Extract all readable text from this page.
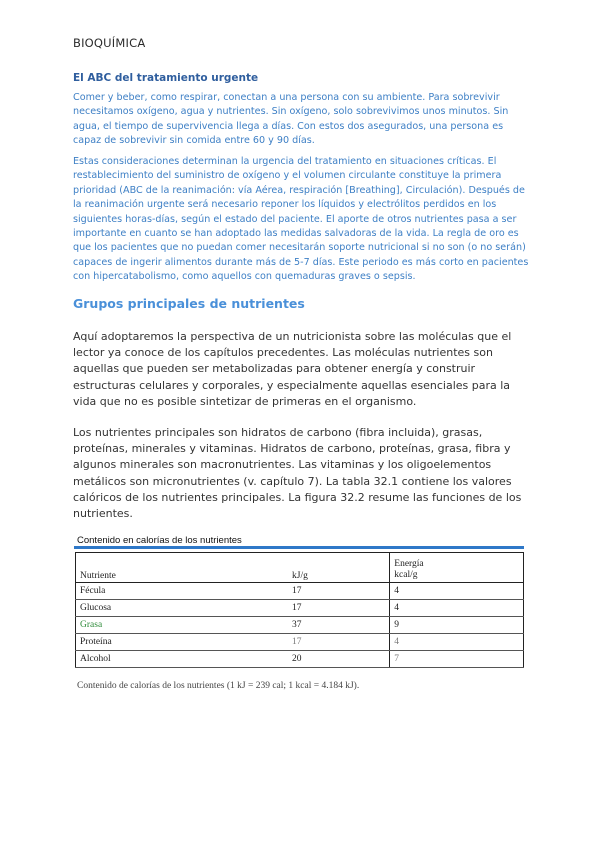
BIOQUÍMICA
El ABC del tratamiento urgente

Comer y beber, como respirar, conectan a una persona con su ambiente. Para sobrevivir necesitamos oxígeno, agua y nutrientes. Sin oxígeno, solo sobrevivimos unos minutos. Sin agua, el tiempo de supervivencia llega a días. Con estos dos asegurados, una persona es capaz de sobrevivir sin comida entre 60 y 90 días.

Estas consideraciones determinan la urgencia del tratamiento en situaciones críticas. El restablecimiento del suministro de oxígeno y el volumen circulante constituye la primera prioridad (ABC de la reanimación: vía Aérea, respiración [Breathing], Circulación). Después de la reanimación urgente será necesario reponer los líquidos y electrólitos perdidos en los siguientes horas-días, según el estado del paciente. El aporte de otros nutrientes pasa a ser importante en cuanto se han adoptado las medidas salvadoras de la vida. La regla de oro es que los pacientes que no puedan comer necesitarán soporte nutricional si no son (o no serán) capaces de ingerir alimentos durante más de 5-7 días. Este periodo es más corto en pacientes con hipercatabolismo, como aquellos con quemaduras graves o sepsis.

Grupos principales de nutrientes

Aquí adoptaremos la perspectiva de un nutricionista sobre las moléculas que el lector ya conoce de los capítulos precedentes. Las moléculas nutrientes son aquellas que pueden ser metabolizadas para obtener energía y construir estructuras celulares y corporales, y especialmente aquellas esenciales para la vida que no es posible sintetizar de primeras en el organismo.

Los nutrientes principales son hidratos de carbono (fibra incluida), grasas, proteínas, minerales y vitaminas. Hidratos de carbono, proteínas, grasa, fibra y algunos minerales son macronutrientes. Las vitaminas y los oligoelementos metálicos son micronutrientes (v. capítulo 7). La tabla 32.1 contiene los valores calóricos de los nutrientes principales. La figura 32.2 resume las funciones de los nutrientes.

Contenido en calorías de los nutrientes
Nutriente	kJ/g	Energía
kcal/g

Fécula	17	4
Glucosa	17	4
Grasa	37	9
Proteína	17	4
Alcohol	20	7
Contenido de calorías de los nutrientes (1 kJ = 239 cal; 1 kcal = 4.184 kJ).
